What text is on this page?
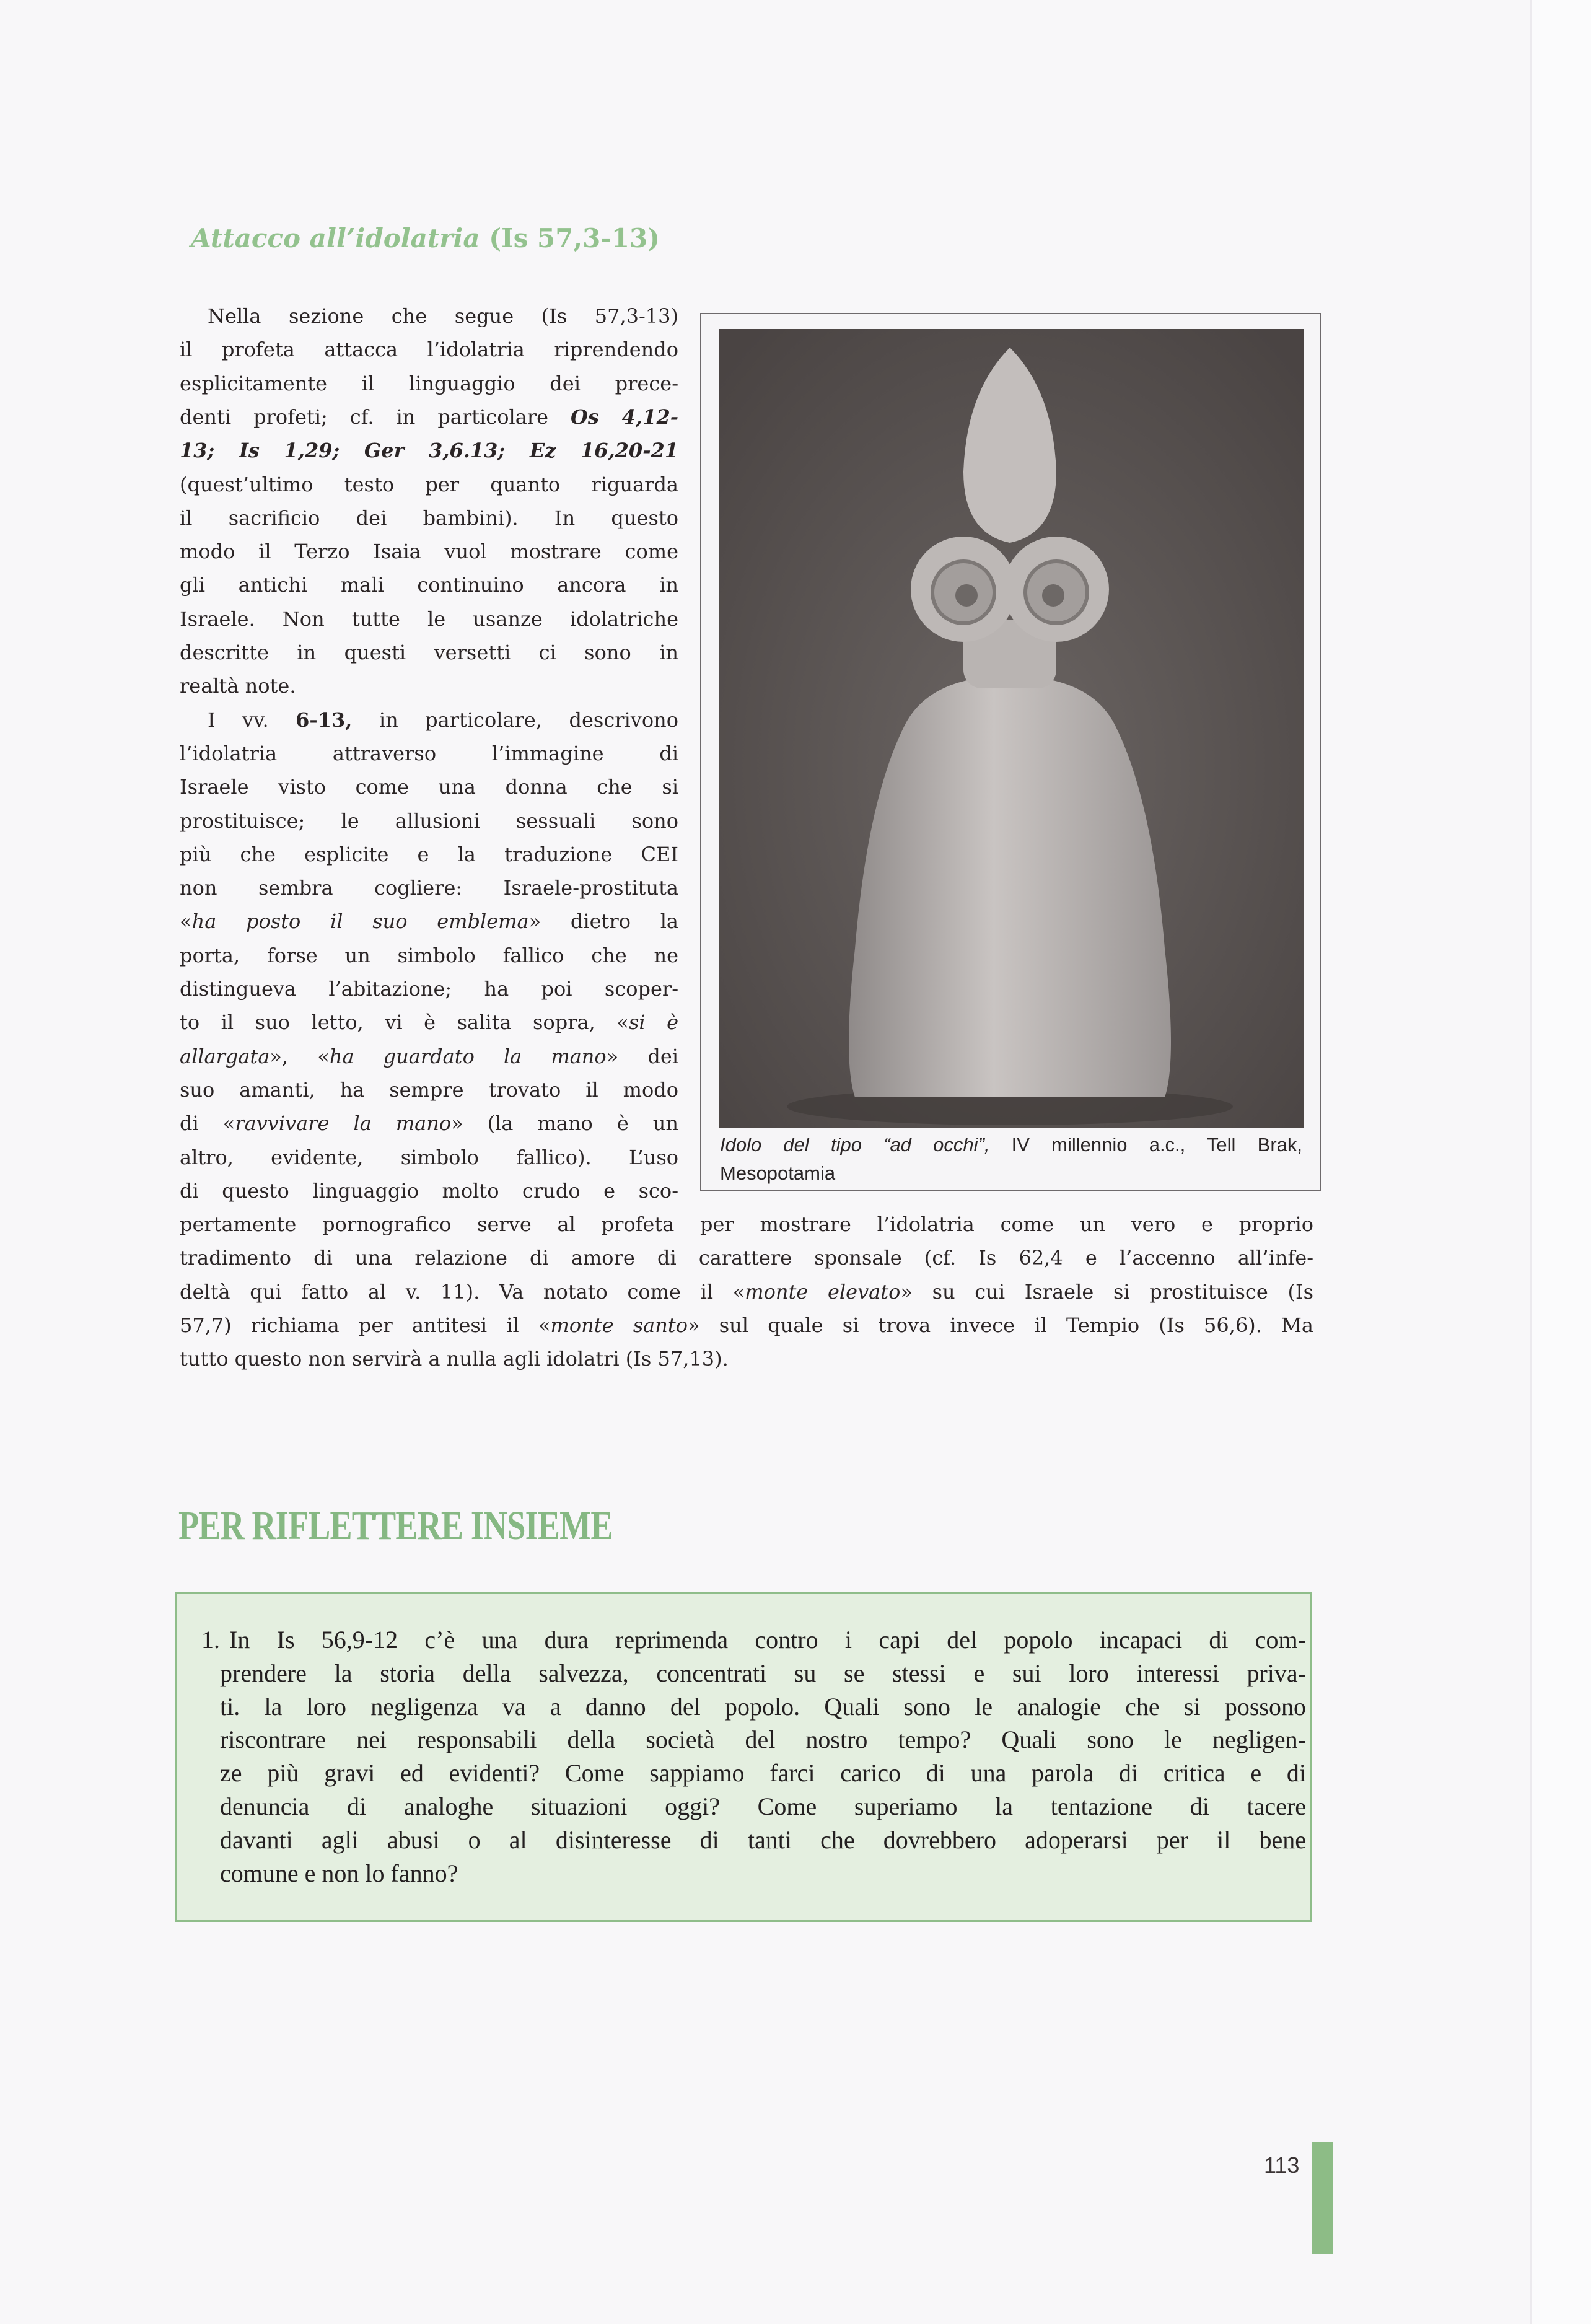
Attacco all’idolatria (Is 57,3-13)
Nella sezione che segue (Is 57,3-13)
il profeta attacca l’idolatria riprendendo
esplicitamente il linguaggio dei prece-
denti profeti; cf. in particolare Os 4,12-
13; Is 1,29; Ger 3,6.13; Ez 16,20-21
(quest’ultimo testo per quanto riguarda
il sacrificio dei bambini). In questo
modo il Terzo Isaia vuol mostrare come
gli antichi mali continuino ancora in
Israele. Non tutte le usanze idolatriche
descritte in questi versetti ci sono in
realtà note.
I vv. 6-13, in particolare, descrivono
l’idolatria attraverso l’immagine di
Israele visto come una donna che si
prostituisce; le allusioni sessuali sono
più che esplicite e la traduzione CEI
non sembra cogliere: Israele-prostituta
«ha posto il suo emblema» dietro la
porta, forse un simbolo fallico che ne
distingueva l’abitazione; ha poi scoper-
to il suo letto, vi è salita sopra, «si è
allargata», «ha guardato la mano» dei
suo amanti, ha sempre trovato il modo
di «ravvivare la mano» (la mano è un
altro, evidente, simbolo fallico). L’uso
di questo linguaggio molto crudo e sco-
pertamente pornografico serve al profeta per mostrare l’idolatria come un vero e proprio
tradimento di una relazione di amore di carattere sponsale (cf. Is 62,4 e l’accenno all’infe-
deltà qui fatto al v. 11). Va notato come il «monte elevato» su cui Israele si prostituisce (Is
57,7) richiama per antitesi il «monte santo» sul quale si trova invece il Tempio (Is 56,6). Ma
tutto questo non servirà a nulla agli idolatri (Is 57,13).
Idolo del tipo “ad occhi”, IV millennio a.c., Tell Brak,
Mesopotamia
PER RIFLETTERE INSIEME
1. In Is 56,9-12 c’è una dura reprimenda contro i capi del popolo incapaci di com-
prendere la storia della salvezza, concentrati su se stessi e sui loro interessi priva-
ti. la loro negligenza va a danno del popolo. Quali sono le analogie che si possono
riscontrare nei responsabili della società del nostro tempo? Quali sono le negligen-
ze più gravi ed evidenti? Come sappiamo farci carico di una parola di critica e di
denuncia di analoghe situazioni oggi? Come superiamo la tentazione di tacere
davanti agli abusi o al disinteresse di tanti che dovrebbero adoperarsi per il bene
comune e non lo fanno?
113
